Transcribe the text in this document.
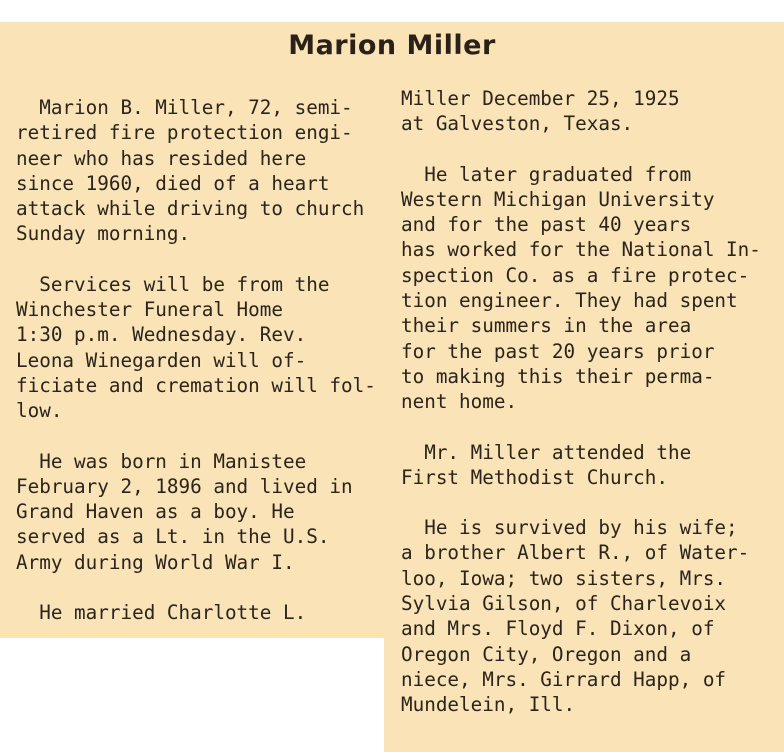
Marion Miller
Marion B. Miller, 72, semi-
retired fire protection engi-
neer who has resided here
since 1960, died of a heart
attack while driving to church
Sunday morning.
Services will be from the
Winchester Funeral Home
1:30 p.m. Wednesday. Rev.
Leona Winegarden will of-
ficiate and cremation will fol-
low.
He was born in Manistee
February 2, 1896 and lived in
Grand Haven as a boy. He
served as a Lt. in the U.S.
Army during World War I.
He married Charlotte L.
Miller December 25, 1925
at Galveston, Texas.
He later graduated from
Western Michigan University
and for the past 40 years
has worked for the National In-
spection Co. as a fire protec-
tion engineer. They had spent
their summers in the area
for the past 20 years prior
to making this their perma-
nent home.
Mr. Miller attended the
First Methodist Church.
He is survived by his wife;
a brother Albert R., of Water-
loo, Iowa; two sisters, Mrs.
Sylvia Gilson, of Charlevoix
and Mrs. Floyd F. Dixon, of
Oregon City, Oregon and a
niece, Mrs. Girrard Happ, of
Mundelein, Ill.
